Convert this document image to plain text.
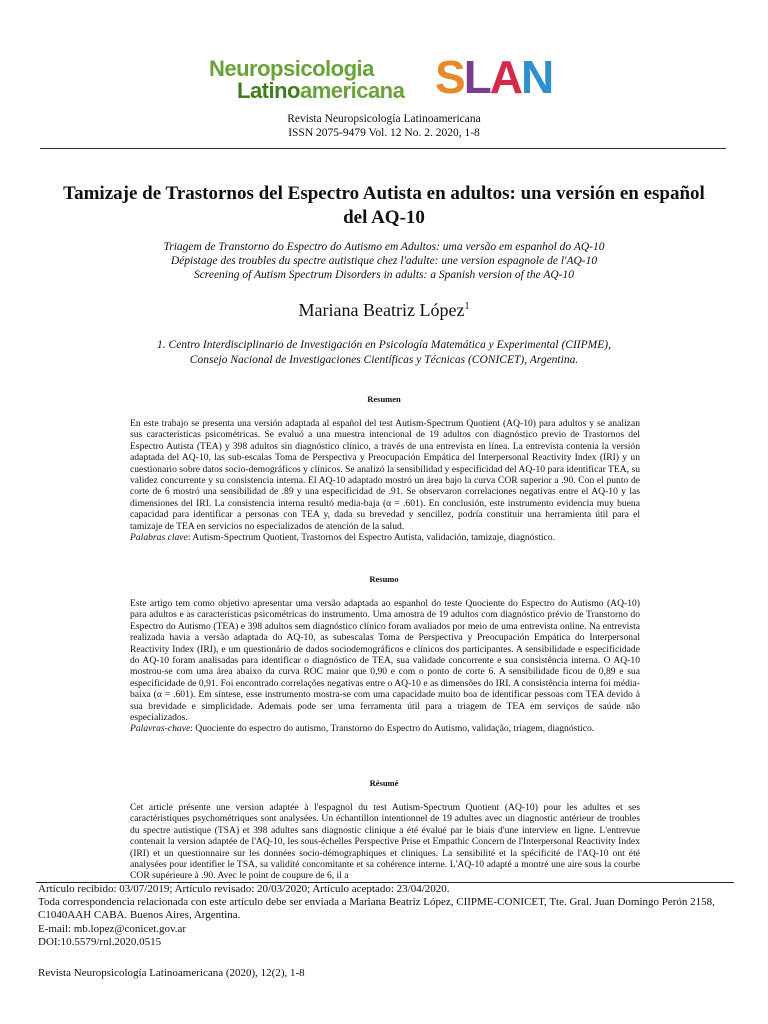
Neuropsicologia
Latinoamericana SLAN
Revista Neuropsicología Latinoamericana
ISSN 2075-9479 Vol. 12 No. 2. 2020, 1-8
Tamizaje de Trastornos del Espectro Autista en adultos: una versión en español del AQ-10
Triagem de Transtorno do Espectro do Autismo em Adultos: uma versão em espanhol do AQ-10
Dépistage des troubles du spectre autistique chez l'adulte: une version espagnole de l'AQ-10
Screening of Autism Spectrum Disorders in adults: a Spanish version of the AQ-10
Mariana Beatriz López$^1$
1. Centro Interdisciplinario de Investigación en Psicología Matemática y Experimental (CIIPME),
Consejo Nacional de Investigaciones Científicas y Técnicas (CONICET), Argentina.
Resumen
En este trabajo se presenta una versión adaptada al español del test Autism-Spectrum Quotient (AQ-10) para adultos y se analizan sus características psicométricas. Se evaluó a una muestra intencional de 19 adultos con diagnóstico previo de Trastornos del Espectro Autista (TEA) y 398 adultos sin diagnóstico clínico, a través de una entrevista en línea. La entrevista contenía la versión adaptada del AQ-10, las sub-escalas Toma de Perspectiva y Preocupación Empática del Interpersonal Reactivity Index (IRI) y un cuestionario sobre datos socio-demográficos y clínicos. Se analizó la sensibilidad y especificidad del AQ-10 para identificar TEA, su validez concurrente y su consistencia interna. El AQ-10 adaptado mostró un área bajo la curva COR superior a .90. Con el punto de corte de 6 mostró una sensibilidad de .89 y una especificidad de .91. Se observaron correlaciones negativas entre el AQ-10 y las dimensiones del IRI. La consistencia interna resultó media-baja (α = .601). En conclusión, este instrumento evidencia muy buena capacidad para identificar a personas con TEA y, dada su brevedad y sencillez, podría constituir una herramienta útil para el tamizaje de TEA en servicios no especializados de atención de la salud.
Palabras clave: Autism-Spectrum Quotient, Trastornos del Espectro Autista, validación, tamizaje, diagnóstico.
Resumo
Este artigo tem como objetivo apresentar uma versão adaptada ao espanhol do teste Quociente do Espectro do Autismo (AQ-10) para adultos e as características psicométricas do instrumento. Uma amostra de 19 adultos com diagnóstico prévio de Transtorno do Espectro do Autismo (TEA) e 398 adultos sem diagnóstico clínico foram avaliados por meio de uma entrevista online. Na entrevista realizada havia a versão adaptada do AQ-10, as subescalas Toma de Perspectiva y Preocupación Empática do Interpersonal Reactivity Index (IRI), e um questionário de dados sociodemográficos e clínicos dos participantes. A sensibilidade e especificidade do AQ-10 foram analisadas para identificar o diagnóstico de TEA, sua validade concorrente e sua consistência interna. O AQ-10 mostrou-se com uma área abaixo da curva ROC maior que 0,90 e com o ponto de corte 6. A sensibilidade ficou de 0,89 e sua especificidade de 0,91. Foi encontrado correlações negativas entre o AQ-10 e as dimensões do IRI. A consistência interna foi média-baixa (α = .601). Em síntese, esse instrumento mostra-se com uma capacidade muito boa de identificar pessoas com TEA devido à sua brevidade e simplicidade. Ademais pode ser uma ferramenta útil para a triagem de TEA em serviços de saúde não especializados.
Palavras-chave: Quociente do espectro do autismo, Transtorno do Espectro do Autismo, validação, triagem, diagnóstico.
Résumé
Cet article présente une version adaptée à l'espagnol du test Autism-Spectrum Quotient (AQ-10) pour les adultes et ses caractéristiques psychométriques sont analysées. Un échantillon intentionnel de 19 adultes avec un diagnostic antérieur de troubles du spectre autistique (TSA) et 398 adultes sans diagnostic clinique a été évalué par le biais d'une interview en ligne. L'entrevue contenait la version adaptée de l'AQ-10, les sous-échelles Perspective Prise et Empathic Concern de l'Interpersonal Reactivity Index (IRI) et un questionnaire sur les données socio-démographiques et cliniques. La sensibilité et la spécificité de l'AQ-10 ont été analysées pour identifier le TSA, sa validité concomitante et sa cohérence interne. L'AQ-10 adapté a montré une aire sous la courbe COR supérieure à .90. Avec le point de coupure de 6, il a
Artículo recibido: 03/07/2019; Artículo revisado: 20/03/2020; Artículo aceptado: 23/04/2020.
Toda correspondencia relacionada con este artículo debe ser enviada a Mariana Beatriz López, CIIPME-CONICET, Tte. Gral. Juan Domingo Perón 2158, C1040AAH CABA. Buenos Aires, Argentina.
E-mail: mb.lopez@conicet.gov.ar
DOI:10.5579/rnl.2020.0515
Revista Neuropsicología Latinoamericana (2020), 12(2), 1-8
